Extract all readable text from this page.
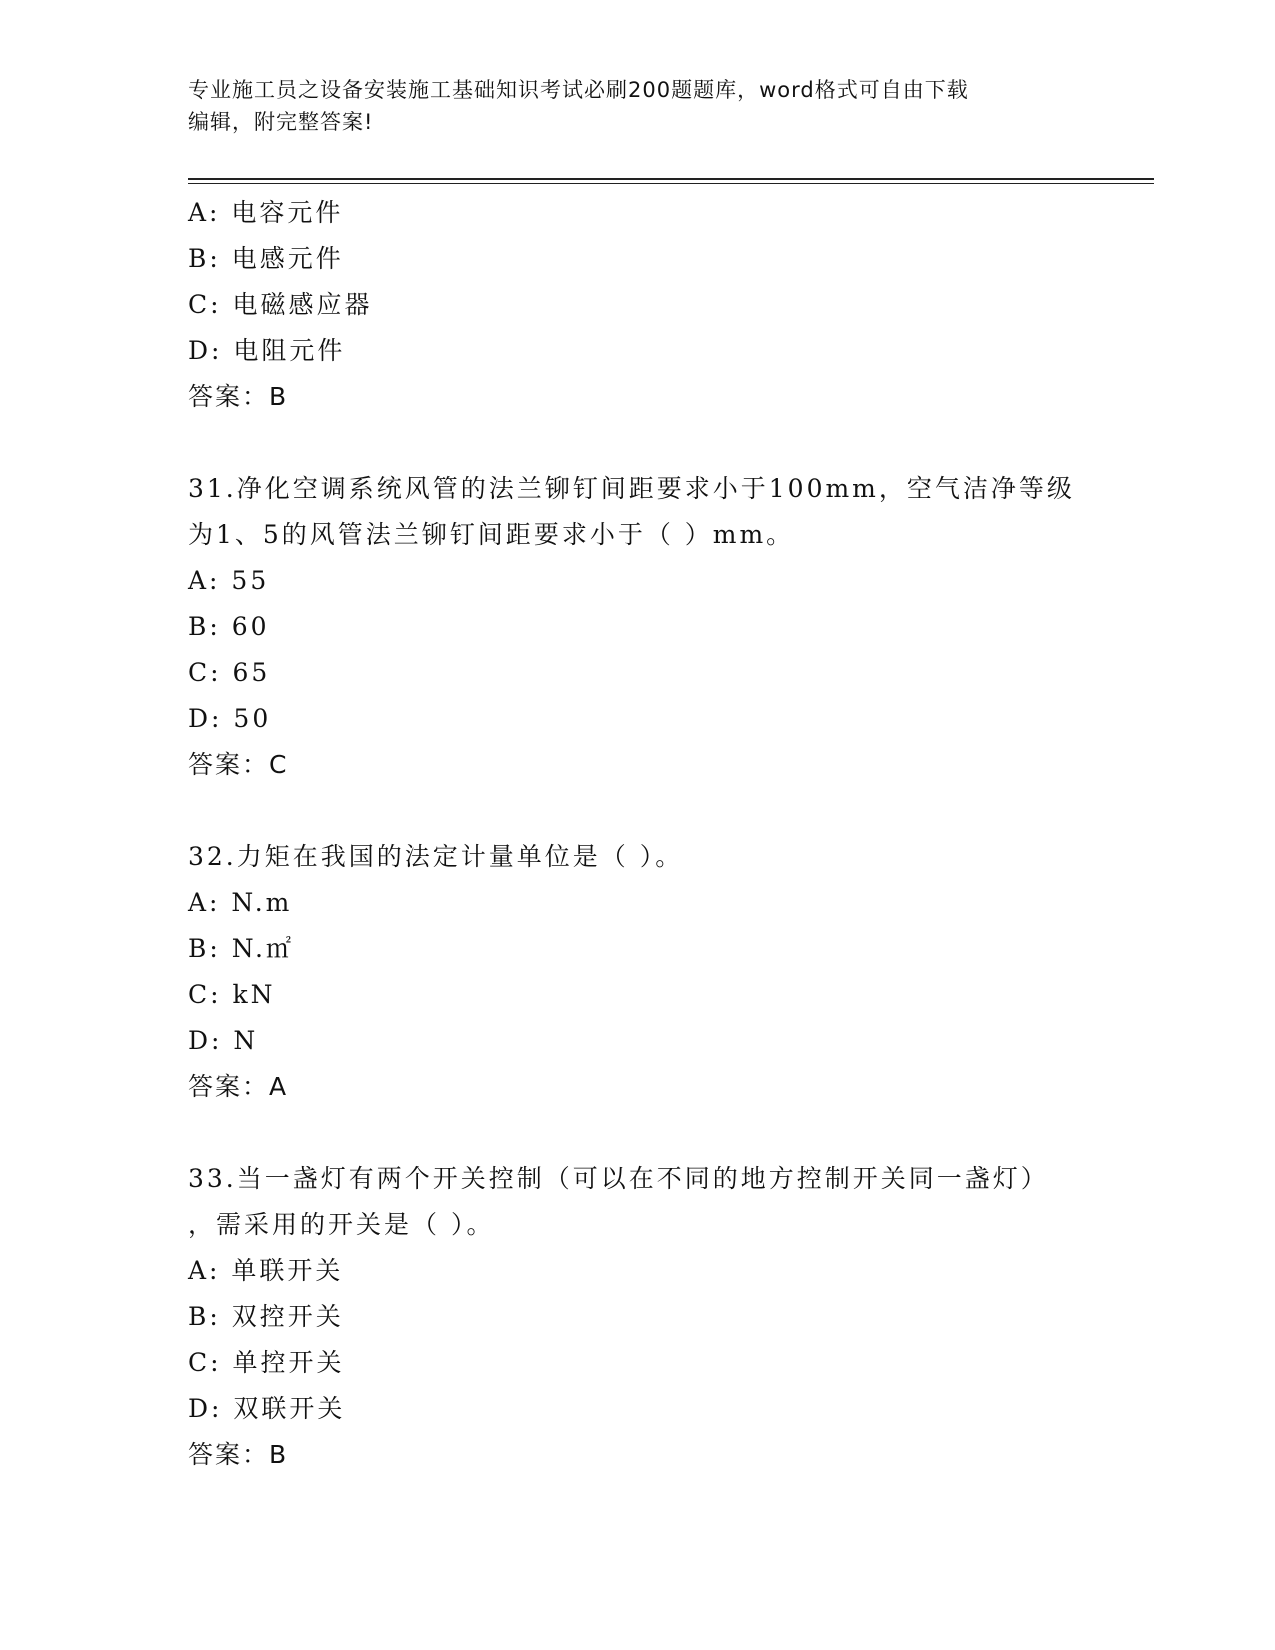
专业施工员之设备安装施工基础知识考试必刷200题题库，word格式可自由下载
编辑，附完整答案!
A: 电容元件
B: 电感元件
C: 电磁感应器
D: 电阻元件
答案：B
31.净化空调系统风管的法兰铆钉间距要求小于100mm，空气洁净等级
为1、5的风管法兰铆钉间距要求小于（ ）mm。
A: 55
B: 60
C: 65
D: 50
答案：C
32.力矩在我国的法定计量单位是（ ）。
A: N.m
B: N.㎡
C: kN
D: N
答案：A
33.当一盏灯有两个开关控制（可以在不同的地方控制开关同一盏灯）
，需采用的开关是（ ）。
A: 单联开关
B: 双控开关
C: 单控开关
D: 双联开关
答案：B
